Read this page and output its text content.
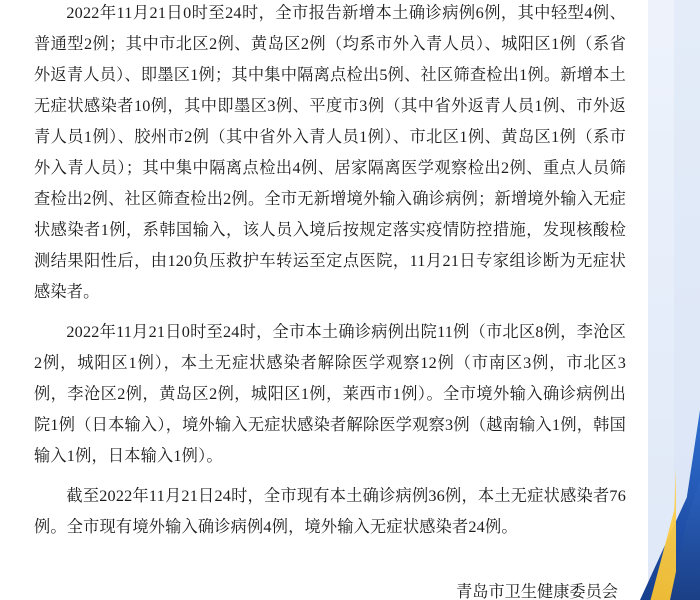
2022年11月21日0时至24时，全市报告新增本土确诊病例6例，其中轻型4例、普通型2例；其中市北区2例、黄岛区2例（均系市外入青人员）、城阳区1例（系省外返青人员）、即墨区1例；其中集中隔离点检出5例、社区筛查检出1例。新增本土无症状感染者10例，其中即墨区3例、平度市3例（其中省外返青人员1例、市外返青人员1例）、胶州市2例（其中省外入青人员1例）、市北区1例、黄岛区1例（系市外入青人员）；其中集中隔离点检出4例、居家隔离医学观察检出2例、重点人员筛查检出2例、社区筛查检出2例。全市无新增境外输入确诊病例；新增境外输入无症状感染者1例，系韩国输入，该人员入境后按规定落实疫情防控措施，发现核酸检测结果阳性后，由120负压救护车转运至定点医院，11月21日专家组诊断为无症状感染者。

2022年11月21日0时至24时，全市本土确诊病例出院11例（市北区8例，李沧区2例，城阳区1例），本土无症状感染者解除医学观察12例（市南区3例，市北区3例，李沧区2例，黄岛区2例，城阳区1例，莱西市1例）。全市境外输入确诊病例出院1例（日本输入），境外输入无症状感染者解除医学观察3例（越南输入1例，韩国输入1例，日本输入1例）。

截至2022年11月21日24时，全市现有本土确诊病例36例，本土无症状感染者76例。全市现有境外输入确诊病例4例，境外输入无症状感染者24例。

青岛市卫生健康委员会
